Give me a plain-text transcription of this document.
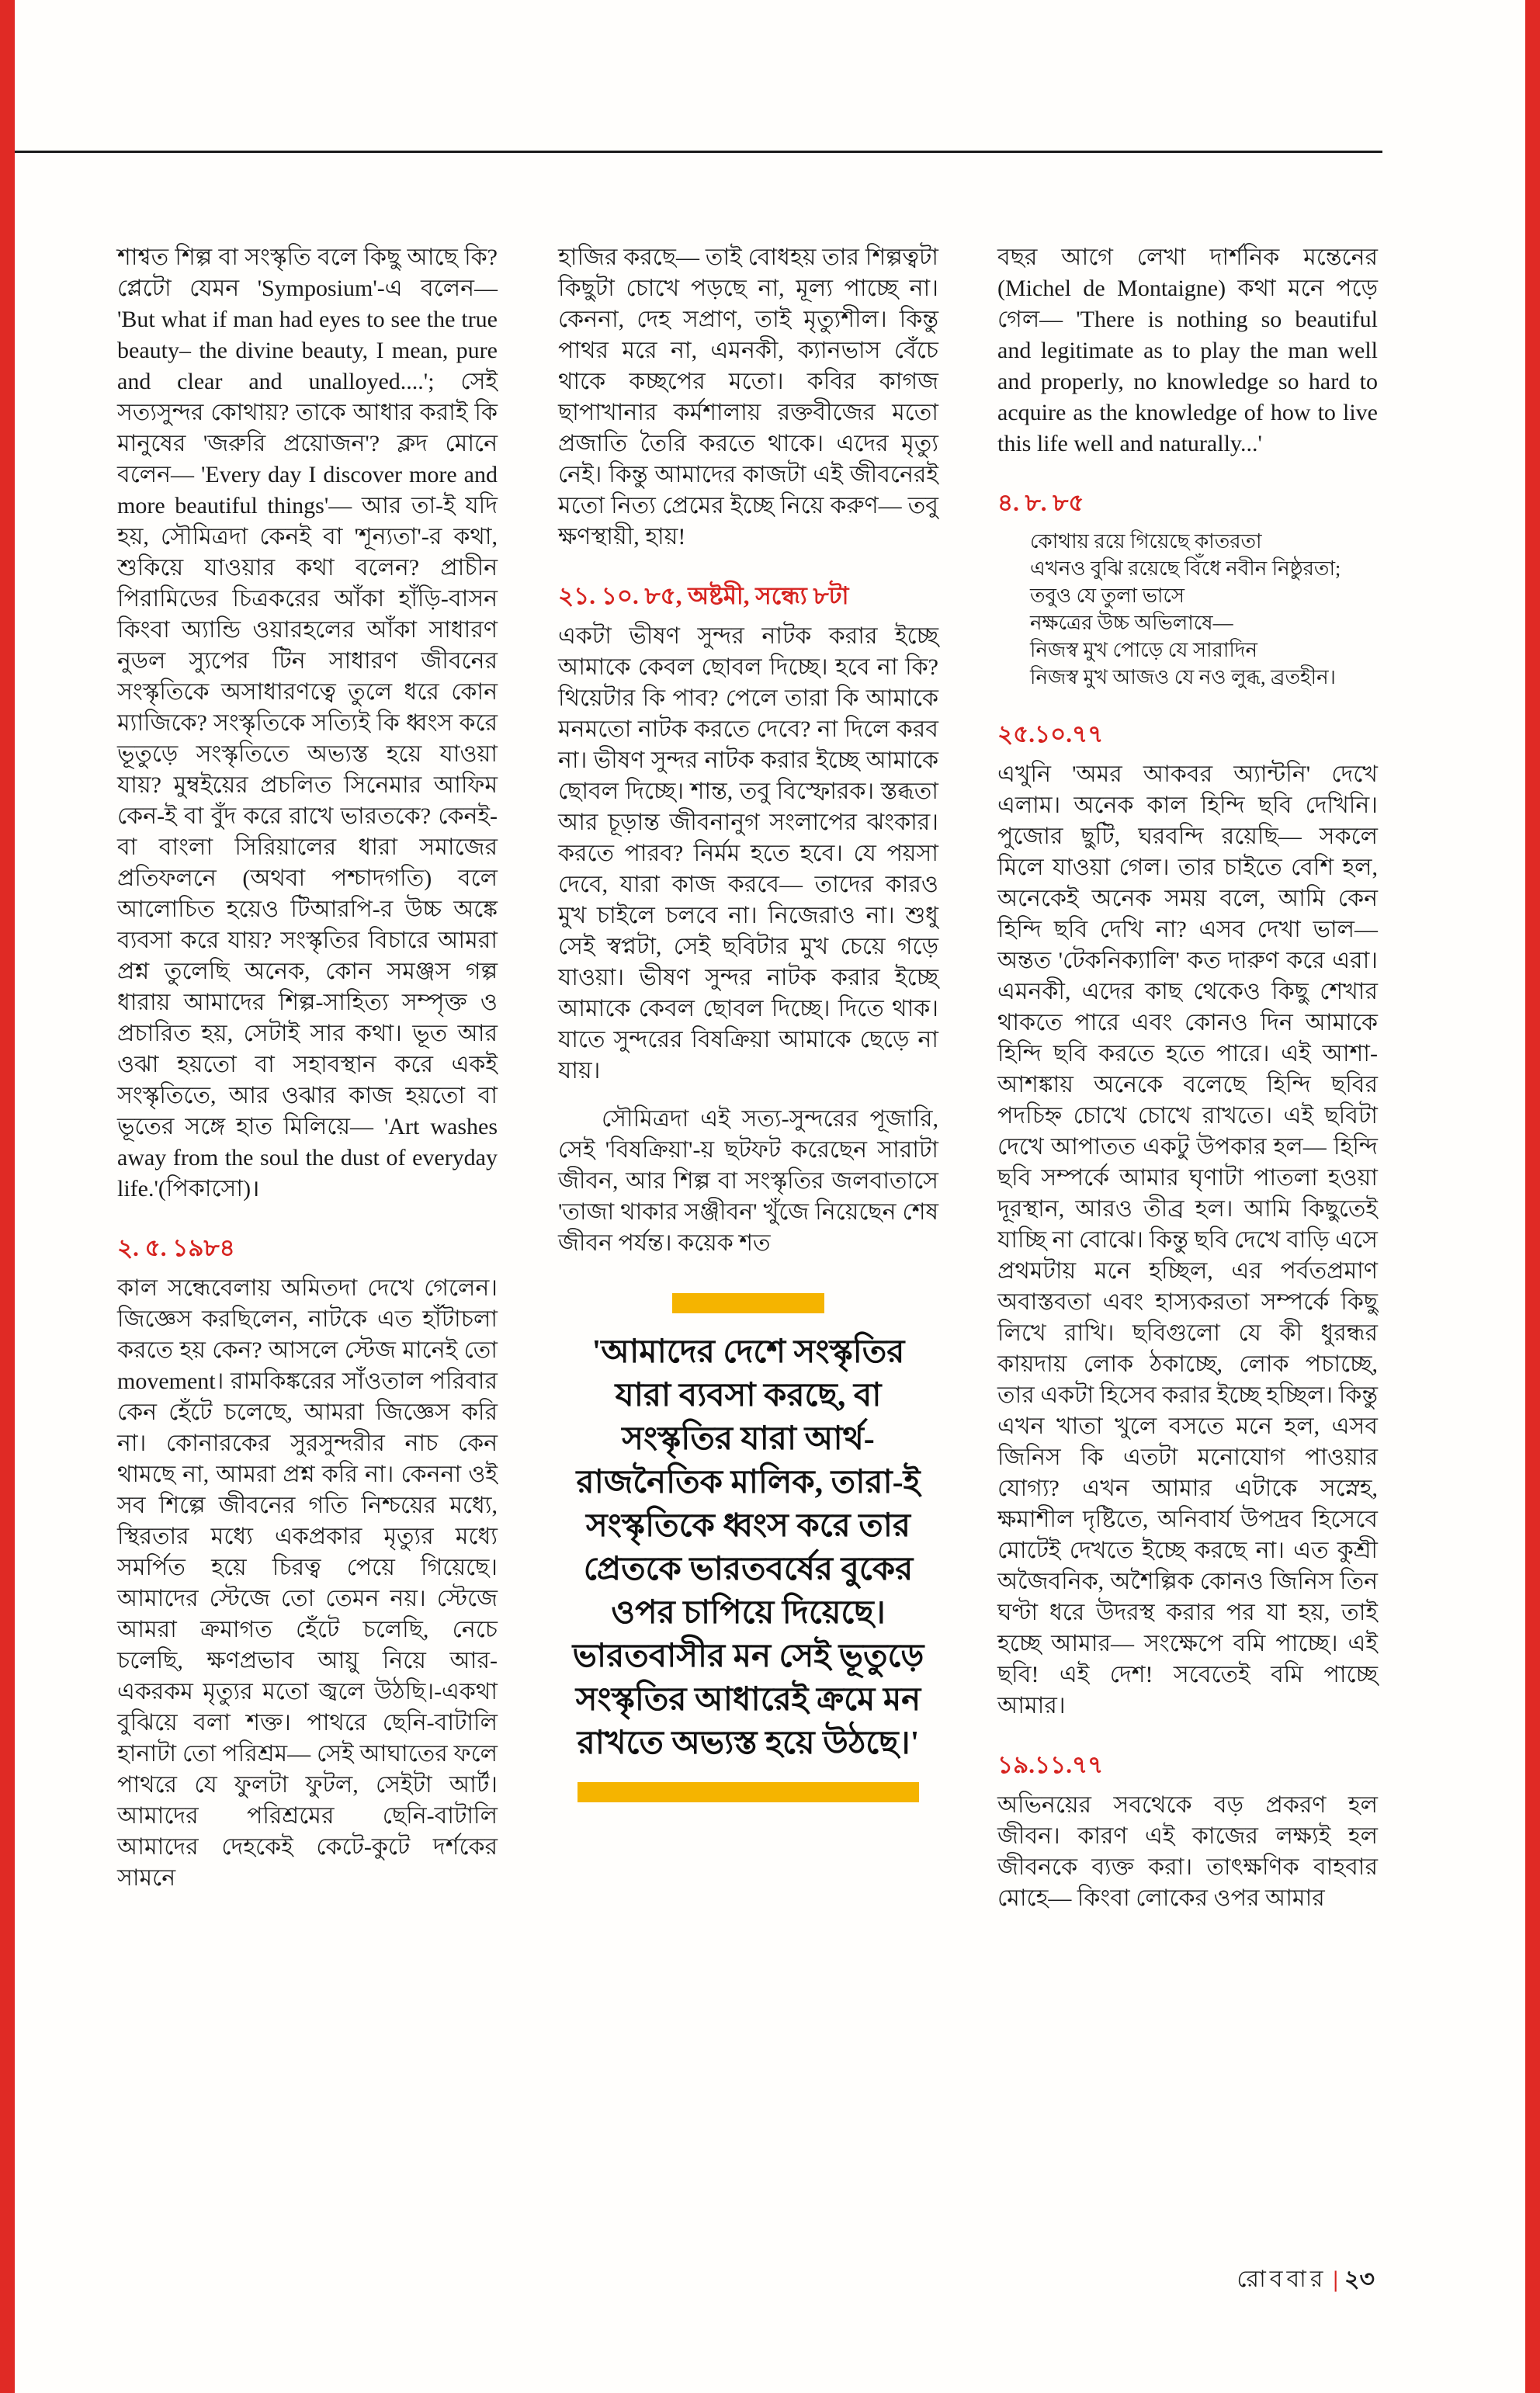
শাশ্বত শিল্প বা সংস্কৃতি বলে কিছু আছে কি? প্লেটো যেমন 'Symposium'-এ বলেন— 'But what if man had eyes to see the true beauty– the divine beauty, I mean, pure and clear and unalloyed....'; সেই সত্যসুন্দর কোথায়? তাকে আধার করাই কি মানুষের 'জরুরি প্রয়োজন'? ক্লদ মোনে বলেন— 'Every day I discover more and more beautiful things'— আর তা-ই যদি হয়, সৌমিত্রদা কেনই বা 'শূন্যতা'-র কথা, শুকিয়ে যাওয়ার কথা বলেন? প্রাচীন পিরামিডের চিত্রকরের আঁকা হাঁড়ি-বাসন কিংবা অ্যান্ডি ওয়ারহলের আঁকা সাধারণ নুডল স্যুপের টিন সাধারণ জীবনের সংস্কৃতিকে অসাধারণত্বে তুলে ধরে কোন ম্যাজিকে? সংস্কৃতিকে সত্যিই কি ধ্বংস করে ভূতুড়ে সংস্কৃতিতে অভ্যস্ত হয়ে যাওয়া যায়? মুম্বইয়ের প্রচলিত সিনেমার আফিম কেন-ই বা বুঁদ করে রাখে ভারতকে? কেনই-বা বাংলা সিরিয়ালের ধারা সমাজের প্রতিফলনে (অথবা পশ্চাদগতি) বলে আলোচিত হয়েও টিআরপি-র উচ্চ অঙ্কে ব্যবসা করে যায়? সংস্কৃতির বিচারে আমরা প্রশ্ন তুলেছি অনেক, কোন সমঞ্জস গল্প ধারায় আমাদের শিল্প-সাহিত্য সম্পৃক্ত ও প্রচারিত হয়, সেটাই সার কথা। ভূত আর ওঝা হয়তো বা সহাবস্থান করে একই সংস্কৃতিতে, আর ওঝার কাজ হয়তো বা ভূতের সঙ্গে হাত মিলিয়ে— 'Art washes away from the soul the dust of everyday life.'(পিকাসো)।
২. ৫. ১৯৮৪
কাল সন্ধেবেলায় অমিতদা দেখে গেলেন। জিজ্ঞেস করছিলেন, নাটকে এত হাঁটাচলা করতে হয় কেন? আসলে স্টেজ মানেই তো movement। রামকিঙ্করের সাঁওতাল পরিবার কেন হেঁটে চলেছে, আমরা জিজ্ঞেস করি না। কোনারকের সুরসুন্দরীর নাচ কেন থামছে না, আমরা প্রশ্ন করি না। কেননা ওই সব শিল্পে জীবনের গতি নিশ্চয়ের মধ্যে, স্থিরতার মধ্যে একপ্রকার মৃত্যুর মধ্যে সমর্পিত হয়ে চিরত্ব পেয়ে গিয়েছে। আমাদের স্টেজে তো তেমন নয়। স্টেজে আমরা ক্রমাগত হেঁটে চলেছি, নেচে চলেছি, ক্ষণপ্রভাব আয়ু নিয়ে আর-একরকম মৃত্যুর মতো জ্বলে উঠছি।-একথা বুঝিয়ে বলা শক্ত। পাথরে ছেনি-বাটালি হানাটা তো পরিশ্রম— সেই আঘাতের ফলে পাথরে যে ফুলটা ফুটল, সেইটা আর্ট। আমাদের পরিশ্রমের ছেনি-বাটালি আমাদের দেহকেই কেটে-কুটে দর্শকের সামনে
হাজির করছে— তাই বোধহয় তার শিল্পত্বটা কিছুটা চোখে পড়ছে না, মূল্য পাচ্ছে না। কেননা, দেহ সপ্রাণ, তাই মৃত্যুশীল। কিন্তু পাথর মরে না, এমনকী, ক্যানভাস বেঁচে থাকে কচ্ছপের মতো। কবির কাগজ ছাপাখানার কর্মশালায় রক্তবীজের মতো প্রজাতি তৈরি করতে থাকে। এদের মৃত্যু নেই। কিন্তু আমাদের কাজটা এই জীবনেরই মতো নিত্য প্রেমের ইচ্ছে নিয়ে করুণ— তবু ক্ষণস্থায়ী, হায়!
২১. ১০. ৮৫, অষ্টমী, সন্ধ্যে ৮টা
একটা ভীষণ সুন্দর নাটক করার ইচ্ছে আমাকে কেবল ছোবল দিচ্ছে। হবে না কি? থিয়েটার কি পাব? পেলে তারা কি আমাকে মনমতো নাটক করতে দেবে? না দিলে করব না। ভীষণ সুন্দর নাটক করার ইচ্ছে আমাকে ছোবল দিচ্ছে। শান্ত, তবু বিস্ফোরক। স্তব্ধতা আর চূড়ান্ত জীবনানুগ সংলাপের ঝংকার। করতে পারব? নির্মম হতে হবে। যে পয়সা দেবে, যারা কাজ করবে— তাদের কারও মুখ চাইলে চলবে না। নিজেরাও না। শুধু সেই স্বপ্নটা, সেই ছবিটার মুখ চেয়ে গড়ে যাওয়া। ভীষণ সুন্দর নাটক করার ইচ্ছে আমাকে কেবল ছোবল দিচ্ছে। দিতে থাক। যাতে সুন্দরের বিষক্রিয়া আমাকে ছেড়ে না যায়।
সৌমিত্রদা এই সত্য-সুন্দরের পূজারি, সেই 'বিষক্রিয়া'-য় ছটফট করেছেন সারাটা জীবন, আর শিল্প বা সংস্কৃতির জলবাতাসে 'তাজা থাকার সঞ্জীবন' খুঁজে নিয়েছেন শেষ জীবন পর্যন্ত। কয়েক শত
'আমাদের দেশে সংস্কৃতির যারা ব্যবসা করছে, বা সংস্কৃতির যারা আর্থ-রাজনৈতিক মালিক, তারা-ই সংস্কৃতিকে ধ্বংস করে তার প্রেতকে ভারতবর্ষের বুকের ওপর চাপিয়ে দিয়েছে। ভারতবাসীর মন সেই ভূতুড়ে সংস্কৃতির আধারেই ক্রমে মন রাখতে অভ্যস্ত হয়ে উঠছে।'
বছর আগে লেখা দার্শনিক মন্তেনের (Michel de Montaigne) কথা মনে পড়ে গেল— 'There is nothing so beautiful and legitimate as to play the man well and properly, no knowledge so hard to acquire as the knowledge of how to live this life well and naturally...'
৪. ৮. ৮৫
কোথায় রয়ে গিয়েছে কাতরতা
এখনও বুঝি রয়েছে বিঁধে নবীন নিষ্ঠুরতা;
তবুও যে তুলা ভাসে
নক্ষত্রের উচ্চ অভিলাষে—
নিজস্ব মুখ পোড়ে যে সারাদিন
নিজস্ব মুখ আজও যে নও লুব্ধ, ব্রতহীন।
২৫.১০.৭৭
এখুনি 'অমর আকবর অ্যান্টনি' দেখে এলাম। অনেক কাল হিন্দি ছবি দেখিনি। পুজোর ছুটি, ঘরবন্দি রয়েছি— সকলে মিলে যাওয়া গেল। তার চাইতে বেশি হল, অনেকেই অনেক সময় বলে, আমি কেন হিন্দি ছবি দেখি না? এসব দেখা ভাল— অন্তত 'টেকনিক্যালি' কত দারুণ করে এরা। এমনকী, এদের কাছ থেকেও কিছু শেখার থাকতে পারে এবং কোনও দিন আমাকে হিন্দি ছবি করতে হতে পারে। এই আশা-আশঙ্কায় অনেকে বলেছে হিন্দি ছবির পদচিহ্ন চোখে চোখে রাখতে। এই ছবিটা দেখে আপাতত একটু উপকার হল— হিন্দি ছবি সম্পর্কে আমার ঘৃণাটা পাতলা হওয়া দূরস্থান, আরও তীব্র হল। আমি কিছুতেই যাচ্ছি না বোঝে। কিন্তু ছবি দেখে বাড়ি এসে প্রথমটায় মনে হচ্ছিল, এর পর্বতপ্রমাণ অবাস্তবতা এবং হাস্যকরতা সম্পর্কে কিছু লিখে রাখি। ছবিগুলো যে কী ধুরন্ধর কায়দায় লোক ঠকাচ্ছে, লোক পচাচ্ছে, তার একটা হিসেব করার ইচ্ছে হচ্ছিল। কিন্তু এখন খাতা খুলে বসতে মনে হল, এসব জিনিস কি এতটা মনোযোগ পাওয়ার যোগ্য? এখন আমার এটাকে সস্নেহ, ক্ষমাশীল দৃষ্টিতে, অনিবার্য উপদ্রব হিসেবে মোটেই দেখতে ইচ্ছে করছে না। এত কুশ্রী অজৈবনিক, অশৈল্পিক কোনও জিনিস তিন ঘণ্টা ধরে উদরস্থ করার পর যা হয়, তাই হচ্ছে আমার— সংক্ষেপে বমি পাচ্ছে। এই ছবি! এই দেশ! সবেতেই বমি পাচ্ছে আমার।
১৯.১১.৭৭
অভিনয়ের সবথেকে বড় প্রকরণ হল জীবন। কারণ এই কাজের লক্ষ্যই হল জীবনকে ব্যক্ত করা। তাৎক্ষণিক বাহবার মোহে— কিংবা লোকের ওপর আমার
রোববার | ২৩
